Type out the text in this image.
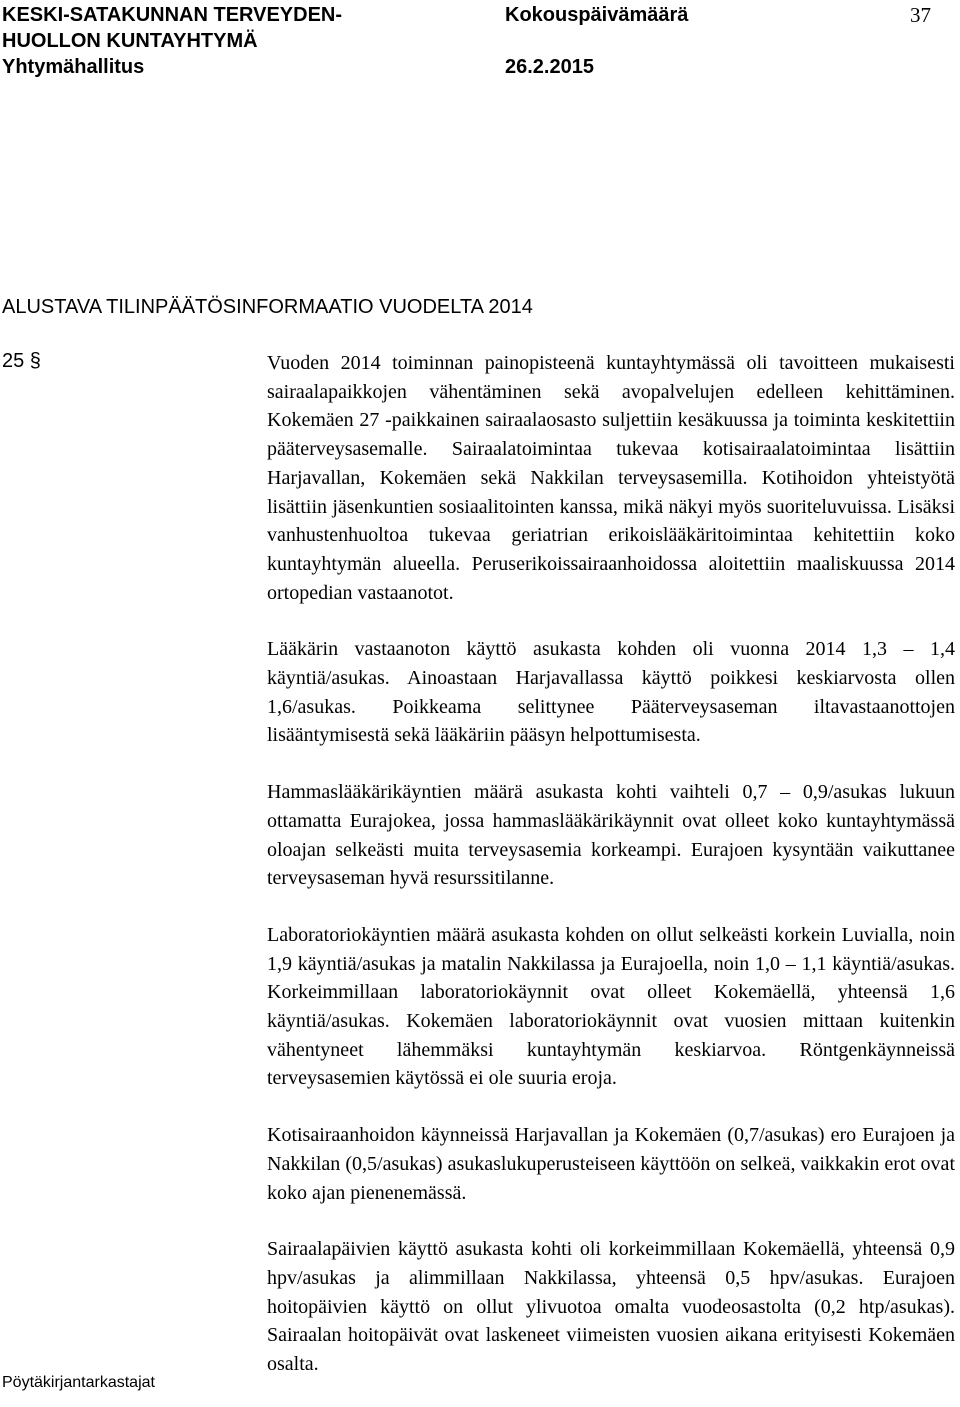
KESKI-SATAKUNNAN TERVEYDEN-
HUOLLON KUNTAYHTYMÄ
Yhtymähallitus
Kokouspäivämäärä

26.2.2015
37
ALUSTAVA TILINPÄÄTÖSINFORMAATIO VUODELTA 2014
25 §	Vuoden 2014 toiminnan painopisteenä kuntayhtymässä oli tavoitteen mukaisesti sairaalapaikkojen vähentäminen sekä avopalvelujen edelleen kehittäminen. Kokemäen 27 -paikkainen sairaalaosasto suljettiin kesäkuussa ja toiminta keskitettiin pääterveysasemalle. Sairaalatoimintaa tukevaa kotisairaalatoimintaa lisättiin Harjavallan, Kokemäen sekä Nakkilan terveysasemilla. Kotihoidon yhteistyötä lisättiin jäsenkuntien sosiaalitointen kanssa, mikä näkyi myös suoriteluvuissa. Lisäksi vanhustenhuoltoa tukevaa geriatrian erikoislääkäritoimintaa kehitettiin koko kuntayhtymän alueella. Peruserikoissairaanhoidossa aloitettiin maaliskuussa 2014 ortopedian vastaanotot.

Lääkärin vastaanoton käyttö asukasta kohden oli vuonna 2014 1,3 – 1,4 käyntiä/asukas. Ainoastaan Harjavallassa käyttö poikkesi keskiarvosta ollen 1,6/asukas. Poikkeama selittynee Pääterveysaseman iltavastaanottojen lisääntymisestä sekä lääkäriin pääsyn helpottumisesta.

Hammaslääkärikäyntien määrä asukasta kohti vaihteli 0,7 – 0,9/asukas lukuun ottamatta Eurajokea, jossa hammaslääkärikäynnit ovat olleet koko kuntayhtymässä oloajan selkeästi muita terveysasemia korkeampi. Eurajoen kysyntään vaikuttanee terveysaseman hyvä resurssitilanne.

Laboratoriokäyntien määrä asukasta kohden on ollut selkeästi korkein Luvialla, noin 1,9 käyntiä/asukas ja matalin Nakkilassa ja Eurajoella, noin 1,0 – 1,1 käyntiä/asukas. Korkeimmillaan laboratoriokäynnit ovat olleet Kokemäellä, yhteensä 1,6 käyntiä/asukas. Kokemäen laboratoriokäynnit ovat vuosien mittaan kuitenkin vähentyneet lähemmäksi kuntayhtymän keskiarvoa. Röntgenkäynneissä terveysasemien käytössä ei ole suuria eroja.

Kotisairaanhoidon käynneissä Harjavallan ja Kokemäen (0,7/asukas) ero Eurajoen ja Nakkilan (0,5/asukas) asukaslukuperusteiseen käyttöön on selkeä, vaikkakin erot ovat koko ajan pienenemässä.

Sairaalapäivien käyttö asukasta kohti oli korkeimmillaan Kokemäellä, yhteensä 0,9 hpv/asukas ja alimmillaan Nakkilassa, yhteensä 0,5 hpv/asukas. Eurajoen hoitopäivien käyttö on ollut ylivuotoa omalta vuodeosastolta (0,2 htp/asukas). Sairaalan hoitopäivät ovat laskeneet viimeisten vuosien aikana erityisesti Kokemäen osalta.

Pöytäkirjantarkastajat
